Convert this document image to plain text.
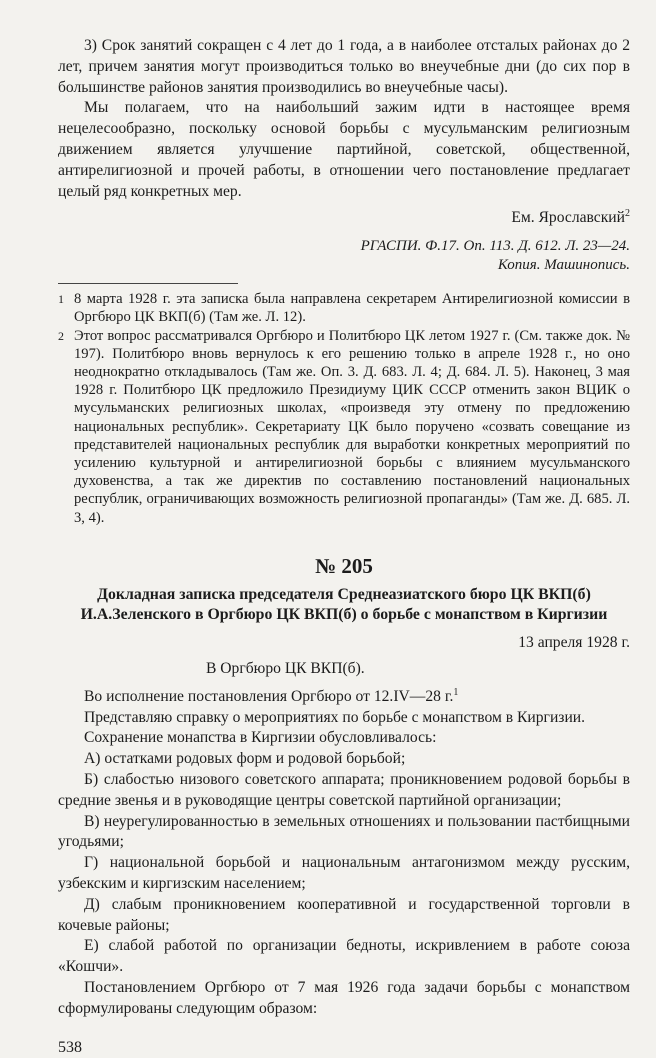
3) Срок занятий сокращен с 4 лет до 1 года, а в наиболее отсталых районах до 2 лет, причем занятия могут производиться только во внеучебные дни (до сих пор в большинстве районов занятия производились во внеучебные часы).

Мы полагаем, что на наибольший зажим идти в настоящее время нецелесообразно, поскольку основой борьбы с мусульманским религиозным движением является улучшение партийной, советской, общественной, антирелигиозной и прочей работы, в отношении чего постановление предлагает целый ряд конкретных мер.

Ем. Ярославский$^2$

РГАСПИ. Ф.17. Оп. 113. Д. 612. Л. 23—24.

Копия. Машинопись.

1 8 марта 1928 г. эта записка была направлена секретарем Антирелигиозной комиссии в Оргбюро ЦК ВКП(б) (Там же. Л. 12).
2 Этот вопрос рассматривался Оргбюро и Политбюро ЦК летом 1927 г. (См. также док. № 197). Политбюро вновь вернулось к его решению только в апреле 1928 г., но оно неоднократно откладывалось (Там же. Оп. 3. Д. 683. Л. 4; Д. 684. Л. 5). Наконец, 3 мая 1928 г. Политбюро ЦК предложило Президиуму ЦИК СССР отменить закон ВЦИК о мусульманских религиозных школах, «произведя эту отмену по предложению национальных республик». Секретариату ЦК было поручено «созвать совещание из представителей национальных республик для выработки конкретных мероприятий по усилению культурной и антирелигиозной борьбы с влиянием мусульманского духовенства, а так же директив по составлению постановлений национальных республик, ограничивающих возможность религиозной пропаганды» (Там же. Д. 685. Л. 3, 4).

№ 205

Докладная записка председателя Среднеазиатского бюро ЦК ВКП(б) И.А.Зеленского в Оргбюро ЦК ВКП(б) о борьбе с монапством в Киргизии

13 апреля 1928 г.

В Оргбюро ЦК ВКП(б).

Во исполнение постановления Оргбюро от 12.IV—28 г.$^1$

Представляю справку о мероприятиях по борьбе с монапством в Киргизии.

Сохранение монапства в Киргизии обусловливалось:

А) остатками родовых форм и родовой борьбой;

Б) слабостью низового советского аппарата; проникновением родовой борьбы в средние звенья и в руководящие центры советской партийной организации;

В) неурегулированностью в земельных отношениях и пользовании пастбищными угодьями;

Г) национальной борьбой и национальным антагонизмом между русским, узбекским и киргизским населением;

Д) слабым проникновением кооперативной и государственной торговли в кочевые районы;

Е) слабой работой по организации бедноты, искривлением в работе союза «Кошчи».

Постановлением Оргбюро от 7 мая 1926 года задачи борьбы с монапством сформулированы следующим образом:

538
